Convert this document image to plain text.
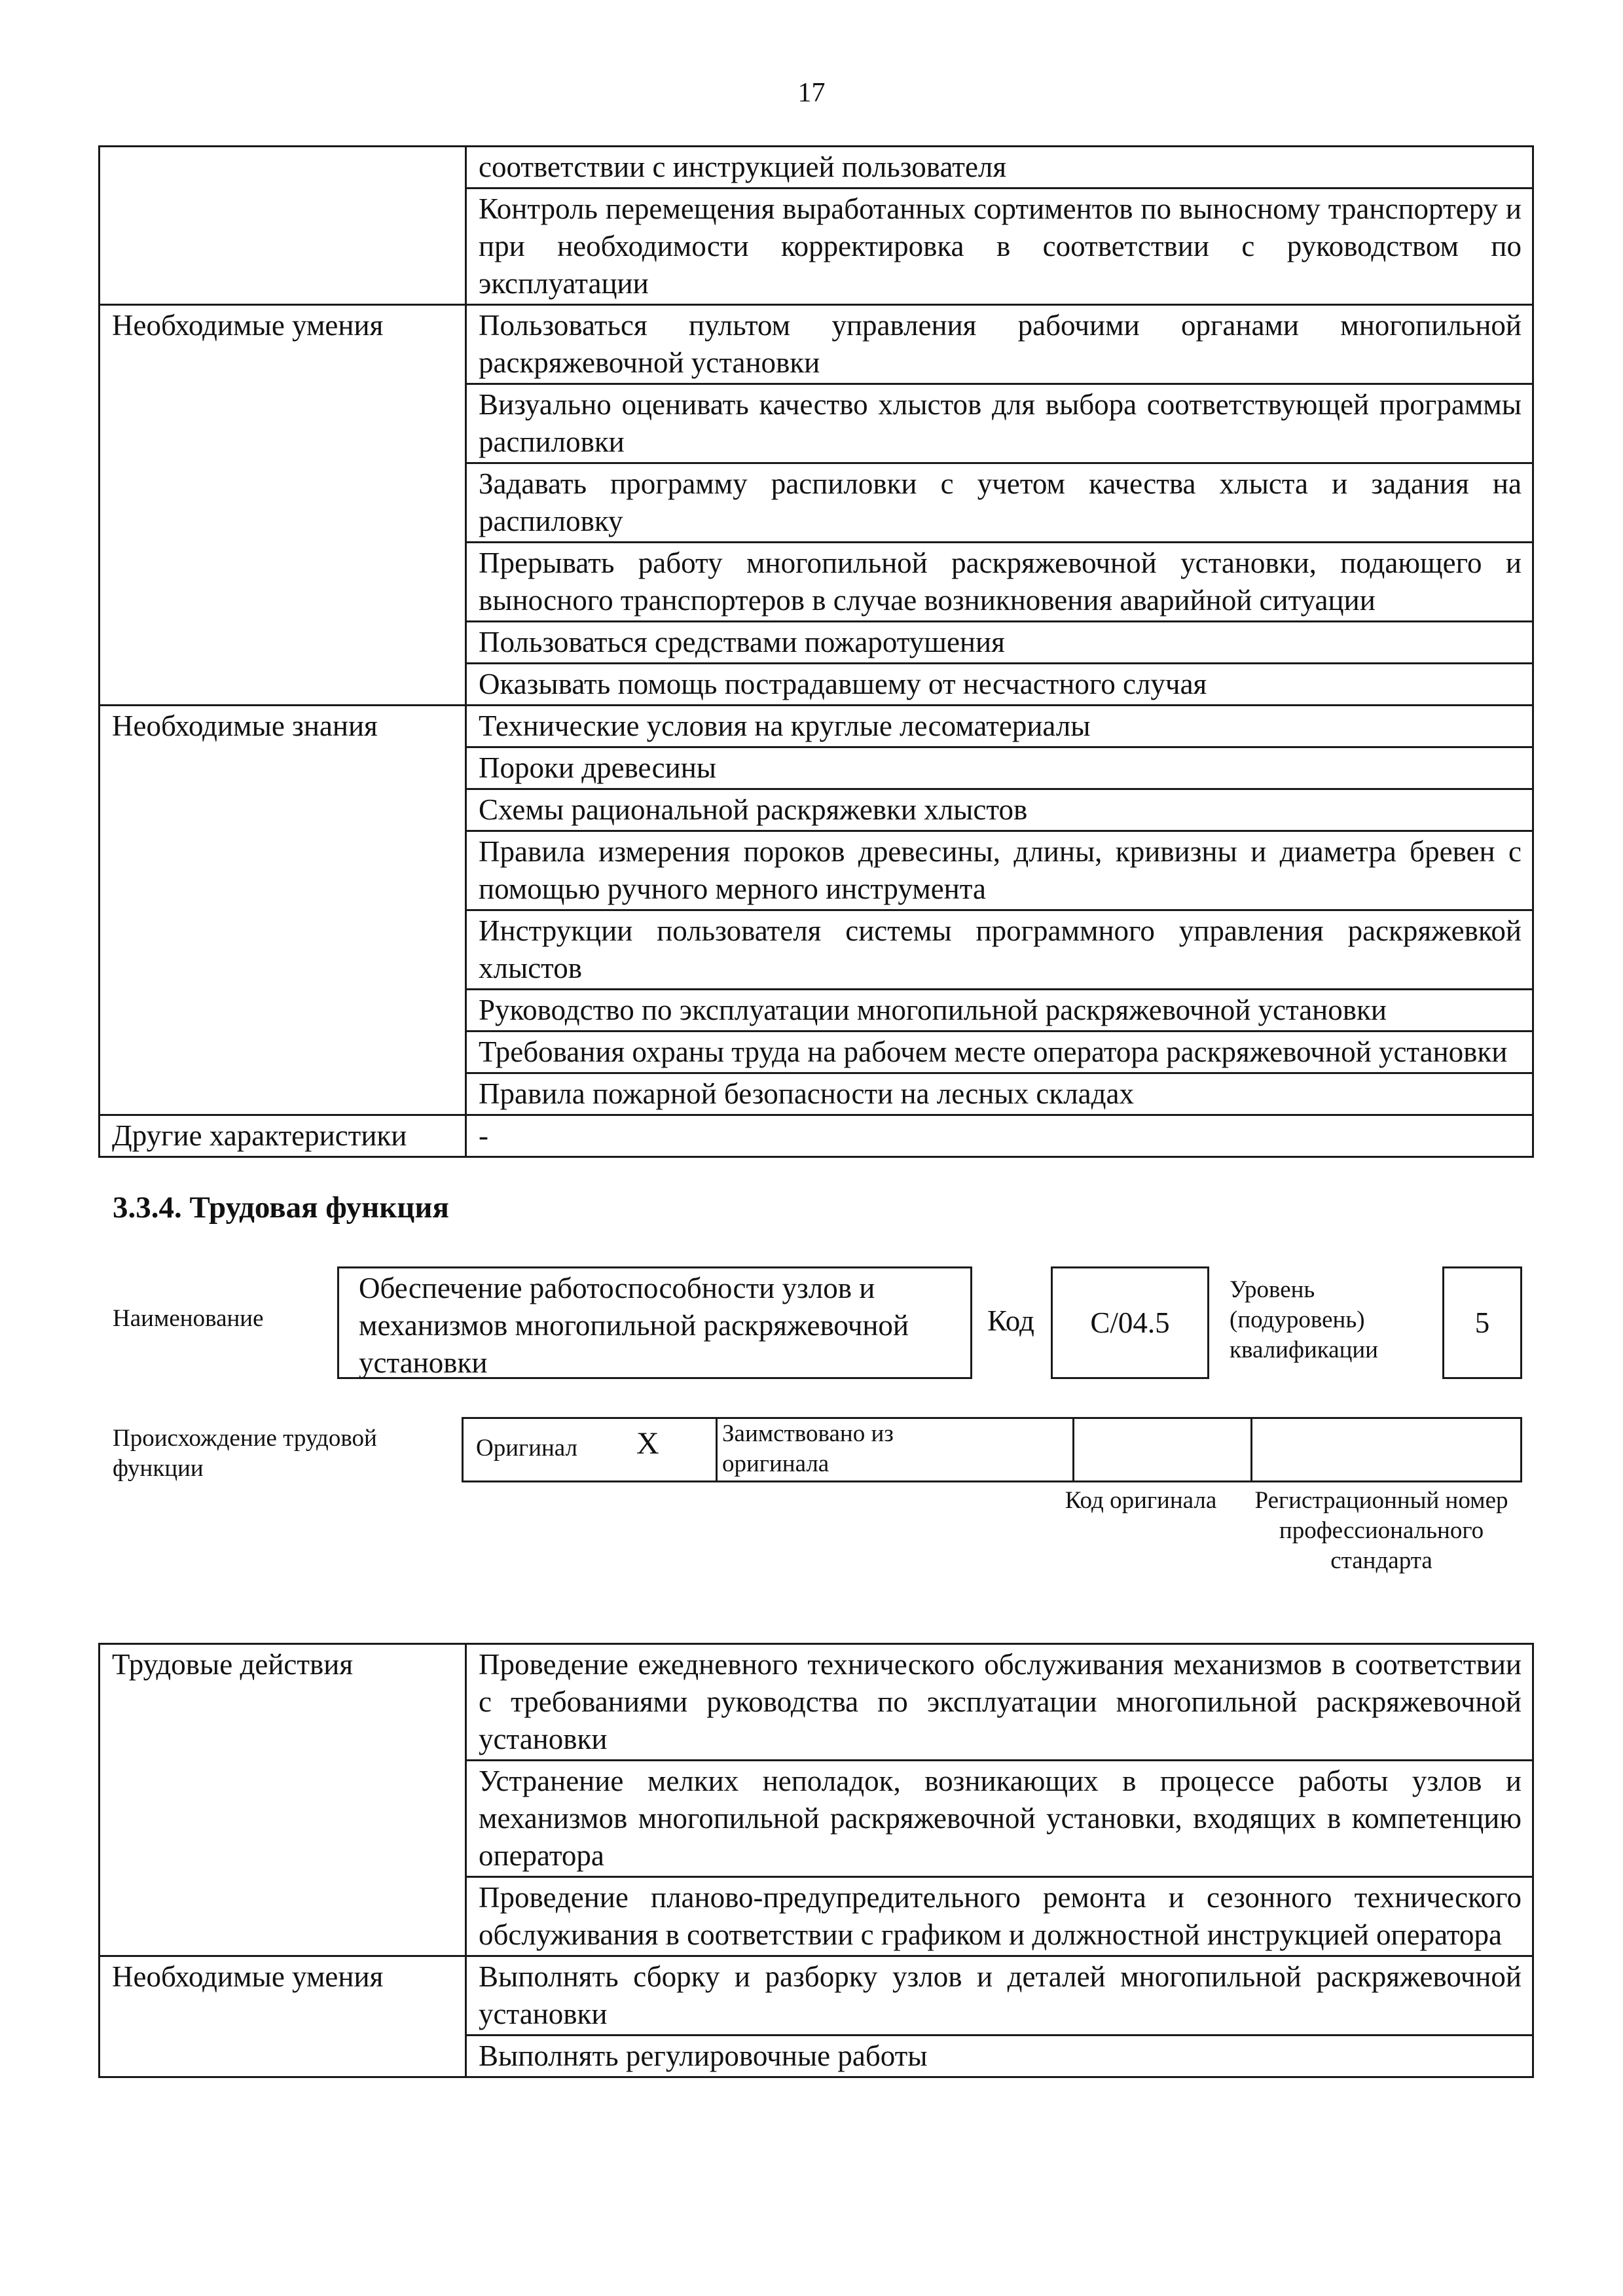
17
	соответствии с инструкцией пользователя
	Контроль перемещения выработанных сортиментов по выносному транспортеру и при необходимости корректировка в соответствии с руководством по эксплуатации
Необходимые умения	Пользоваться пультом управления рабочими органами многопильной раскряжевочной установки
	Визуально оценивать качество хлыстов для выбора соответствующей программы распиловки
	Задавать программу распиловки с учетом качества хлыста и задания на распиловку
	Прерывать работу многопильной раскряжевочной установки, подающего и выносного транспортеров в случае возникновения аварийной ситуации
	Пользоваться средствами пожаротушения
	Оказывать помощь пострадавшему от несчастного случая
Необходимые знания	Технические условия на круглые лесоматериалы
	Пороки древесины
	Схемы рациональной раскряжевки хлыстов
	Правила измерения пороков древесины, длины, кривизны и диаметра бревен с помощью ручного мерного инструмента
	Инструкции пользователя системы программного управления раскряжевкой хлыстов
	Руководство по эксплуатации многопильной раскряжевочной установки
	Требования охраны труда на рабочем месте оператора раскряжевочной установки
	Правила пожарной безопасности на лесных складах
Другие характеристики	-
3.3.4. Трудовая функция
Наименование
Обеспечение работоспособности узлов и механизмов многопильной раскряжевочной установки
Код	C/04.5
Уровень (подуровень) квалификации
5
Происхождение трудовой функции
Оригинал X	Заимствовано из оригинала
Код оригинала	Регистрационный номер профессионального стандарта
Трудовые действия	Проведение ежедневного технического обслуживания механизмов в соответствии с требованиями руководства по эксплуатации многопильной раскряжевочной установки
	Устранение мелких неполадок, возникающих в процессе работы узлов и механизмов многопильной раскряжевочной установки, входящих в компетенцию оператора
	Проведение планово-предупредительного ремонта и сезонного технического обслуживания в соответствии с графиком и должностной инструкцией оператора
Необходимые умения	Выполнять сборку и разборку узлов и деталей многопильной раскряжевочной установки
	Выполнять регулировочные работы
